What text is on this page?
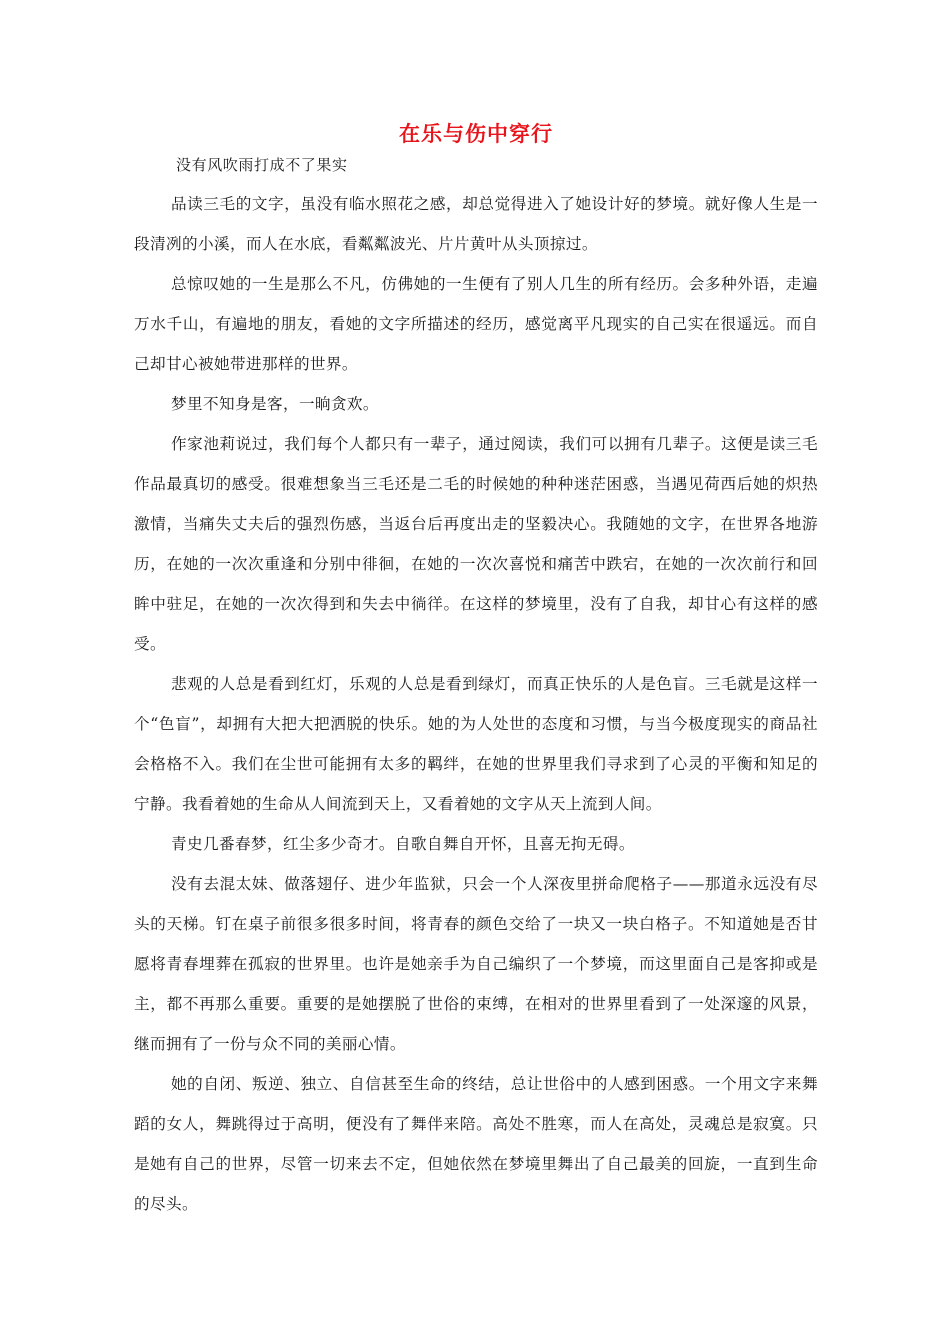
在乐与伤中穿行

没有风吹雨打成不了果实

品读三毛的文字，虽没有临水照花之感，却总觉得进入了她设计好的梦境。就好像人生是一段清冽的小溪，而人在水底，看粼粼波光、片片黄叶从头顶掠过。

总惊叹她的一生是那么不凡，仿佛她的一生便有了别人几生的所有经历。会多种外语，走遍万水千山，有遍地的朋友，看她的文字所描述的经历，感觉离平凡现实的自己实在很遥远。而自己却甘心被她带进那样的世界。

梦里不知身是客，一晌贪欢。

作家池莉说过，我们每个人都只有一辈子，通过阅读，我们可以拥有几辈子。这便是读三毛作品最真切的感受。很难想象当三毛还是二毛的时候她的种种迷茫困惑，当遇见荷西后她的炽热激情，当痛失丈夫后的强烈伤感，当返台后再度出走的坚毅决心。我随她的文字，在世界各地游历，在她的一次次重逢和分别中徘徊，在她的一次次喜悦和痛苦中跌宕，在她的一次次前行和回眸中驻足，在她的一次次得到和失去中徜徉。在这样的梦境里，没有了自我，却甘心有这样的感受。

悲观的人总是看到红灯，乐观的人总是看到绿灯，而真正快乐的人是色盲。三毛就是这样一个“色盲”，却拥有大把大把洒脱的快乐。她的为人处世的态度和习惯，与当今极度现实的商品社会格格不入。我们在尘世可能拥有太多的羁绊，在她的世界里我们寻求到了心灵的平衡和知足的宁静。我看着她的生命从人间流到天上，又看着她的文字从天上流到人间。

青史几番春梦，红尘多少奇才。自歌自舞自开怀，且喜无拘无碍。

没有去混太妹、做落翅仔、进少年监狱，只会一个人深夜里拼命爬格子——那道永远没有尽头的天梯。钉在桌子前很多很多时间，将青春的颜色交给了一块又一块白格子。不知道她是否甘愿将青春埋葬在孤寂的世界里。也许是她亲手为自己编织了一个梦境，而这里面自己是客抑或是主，都不再那么重要。重要的是她摆脱了世俗的束缚，在相对的世界里看到了一处深邃的风景，继而拥有了一份与众不同的美丽心情。

她的自闭、叛逆、独立、自信甚至生命的终结，总让世俗中的人感到困惑。一个用文字来舞蹈的女人，舞跳得过于高明，便没有了舞伴来陪。高处不胜寒，而人在高处，灵魂总是寂寞。只是她有自己的世界，尽管一切来去不定，但她依然在梦境里舞出了自己最美的回旋，一直到生命的尽头。
